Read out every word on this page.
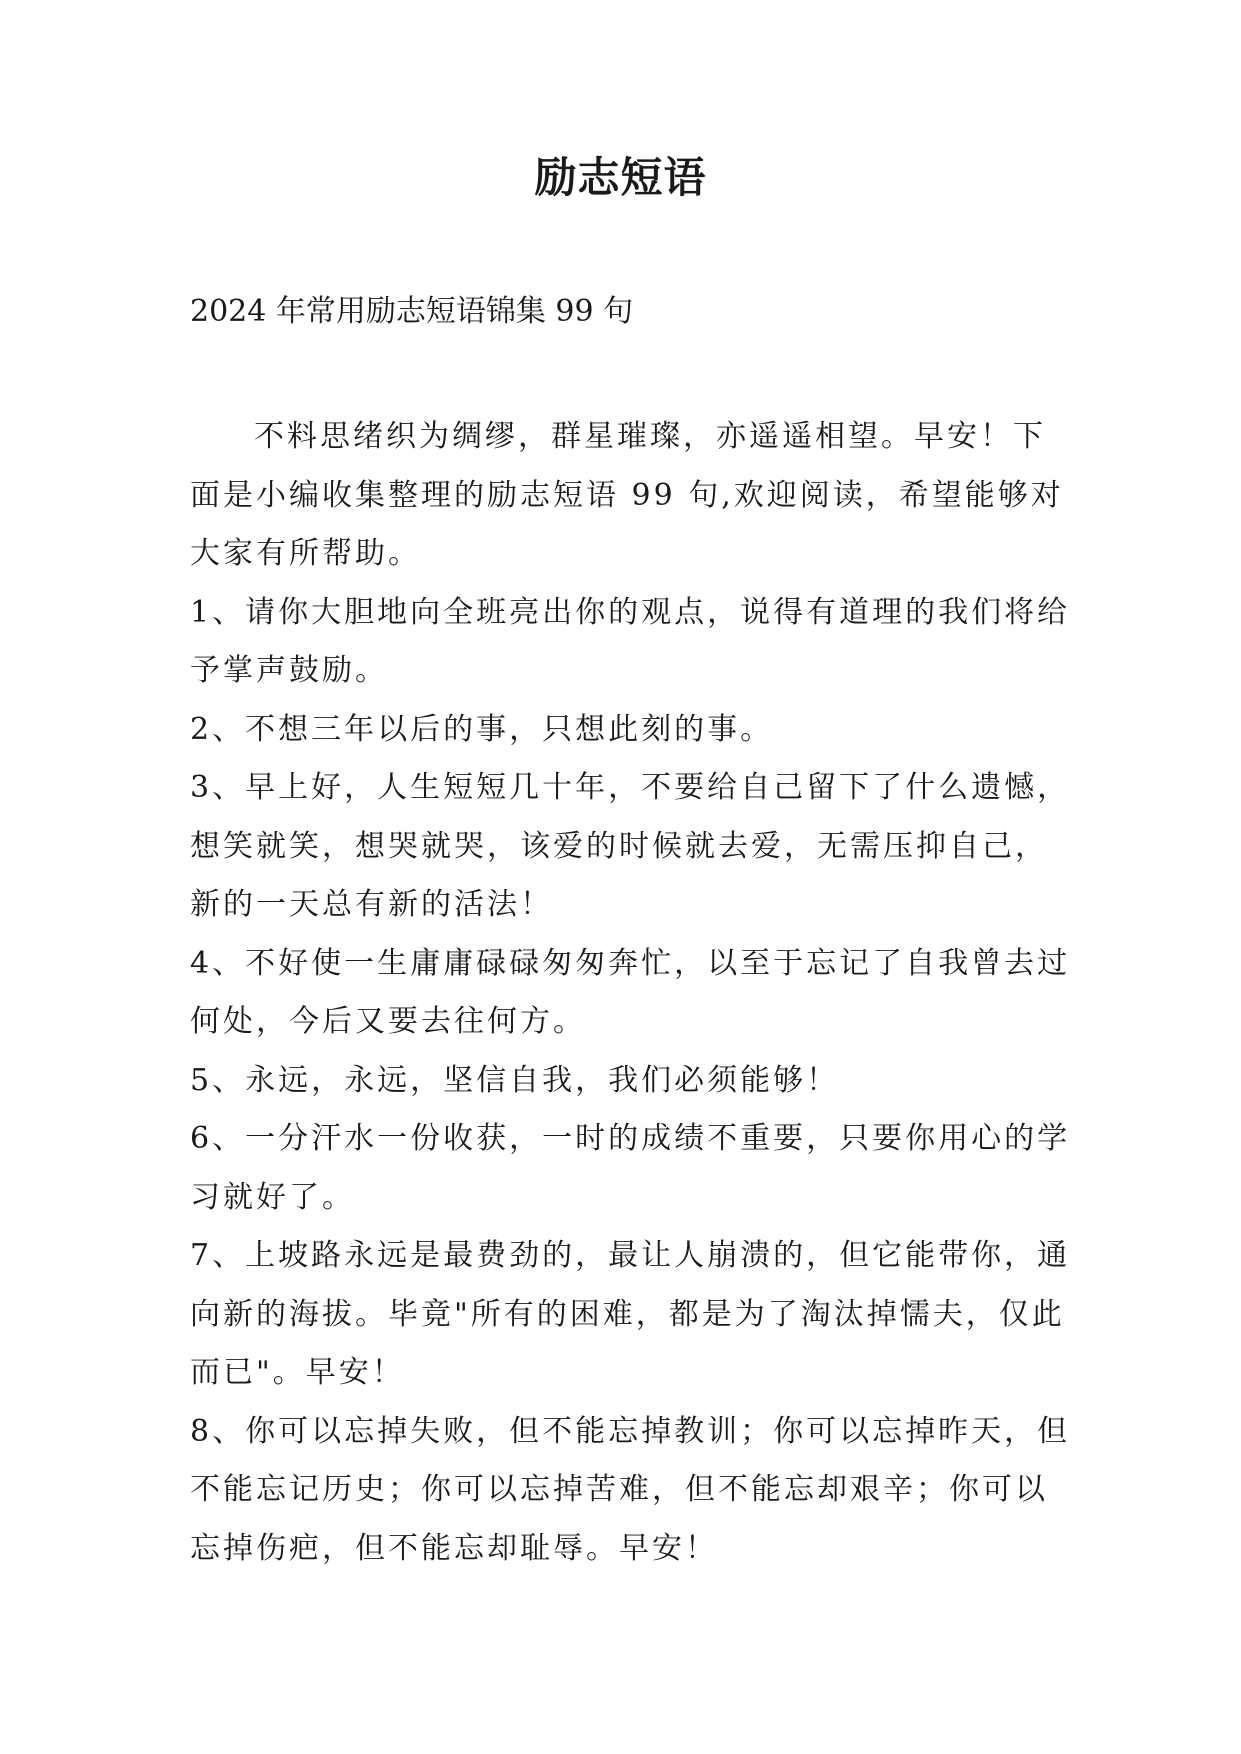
励志短语

2024 年常用励志短语锦集 99 句

不料思绪织为绸缪，群星璀璨，亦遥遥相望。早安！下面是小编收集整理的励志短语 99 句,欢迎阅读，希望能够对大家有所帮助。

1、请你大胆地向全班亮出你的观点，说得有道理的我们将给予掌声鼓励。

2、不想三年以后的事，只想此刻的事。

3、早上好，人生短短几十年，不要给自己留下了什么遗憾，想笑就笑，想哭就哭，该爱的时候就去爱，无需压抑自己，新的一天总有新的活法！

4、不好使一生庸庸碌碌匆匆奔忙，以至于忘记了自我曾去过何处，今后又要去往何方。

5、永远，永远，坚信自我，我们必须能够！

6、一分汗水一份收获，一时的成绩不重要，只要你用心的学习就好了。

7、上坡路永远是最费劲的，最让人崩溃的，但它能带你，通向新的海拔。毕竟"所有的困难，都是为了淘汰掉懦夫，仅此而已"。早安！

8、你可以忘掉失败，但不能忘掉教训；你可以忘掉昨天，但不能忘记历史；你可以忘掉苦难，但不能忘却艰辛；你可以忘掉伤疤，但不能忘却耻辱。早安！
